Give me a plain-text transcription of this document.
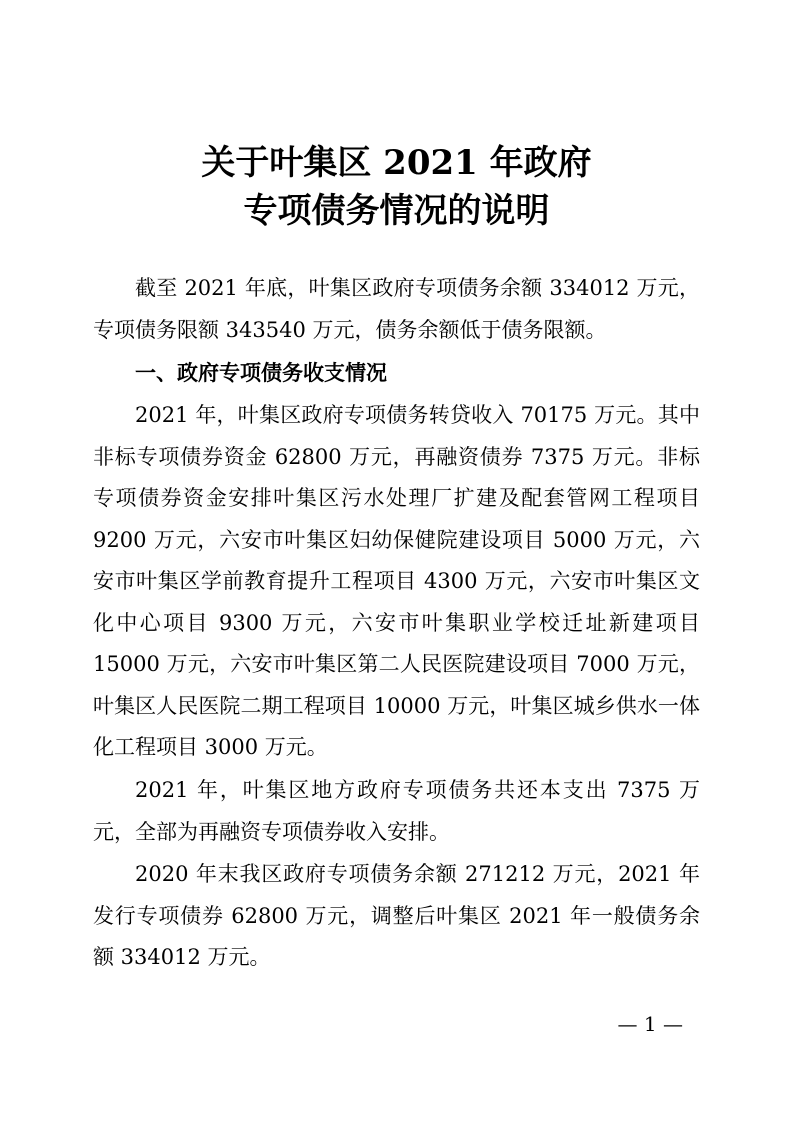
关于叶集区 2021 年政府
专项债务情况的说明

截至 2021 年底，叶集区政府专项债务余额 334012 万元，专项债务限额 343540 万元，债务余额低于债务限额。

一、政府专项债务收支情况

2021 年，叶集区政府专项债务转贷收入 70175 万元。其中非标专项债券资金 62800 万元，再融资债券 7375 万元。非标专项债券资金安排叶集区污水处理厂扩建及配套管网工程项目 9200 万元，六安市叶集区妇幼保健院建设项目 5000 万元，六安市叶集区学前教育提升工程项目 4300 万元，六安市叶集区文化中心项目 9300 万元，六安市叶集职业学校迁址新建项目 15000 万元，六安市叶集区第二人民医院建设项目 7000 万元，叶集区人民医院二期工程项目 10000 万元，叶集区城乡供水一体化工程项目 3000 万元。

2021 年，叶集区地方政府专项债务共还本支出 7375 万元，全部为再融资专项债券收入安排。

2020 年末我区政府专项债务余额 271212 万元，2021 年发行专项债券 62800 万元，调整后叶集区 2021 年一般债务余额 334012 万元。

— 1 —
